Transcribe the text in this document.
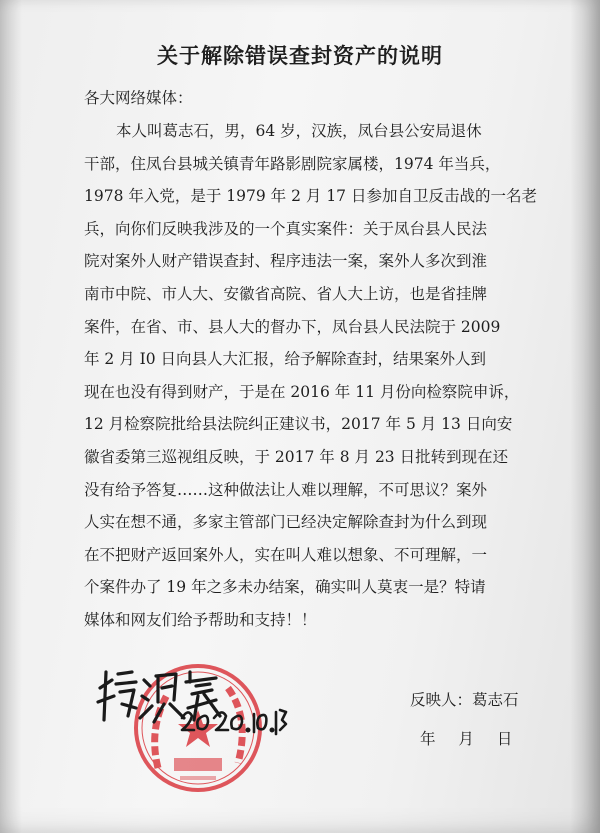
关于解除错误查封资产的说明
各大网络媒体：
本人叫葛志石，男，64 岁，汉族，凤台县公安局退休
干部，住凤台县城关镇青年路影剧院家属楼，1974 年当兵，
1978 年入党，是于 1979 年 2 月 17 日参加自卫反击战的一名老
兵，向你们反映我涉及的一个真实案件：关于凤台县人民法
院对案外人财产错误查封、程序违法一案，案外人多次到淮
南市中院、市人大、安徽省高院、省人大上访，也是省挂牌
案件，在省、市、县人大的督办下，凤台县人民法院于 2009
年 2 月 I0 日向县人大汇报，给予解除查封，结果案外人到
现在也没有得到财产，于是在 2016 年 11 月份向检察院申诉，
12 月检察院批给县法院纠正建议书，2017 年 5 月 13 日向安
徽省委第三巡视组反映，于 2017 年 8 月 23 日批转到现在还
没有给予答复……这种做法让人难以理解，不可思议？案外
人实在想不通，多家主管部门已经决定解除查封为什么到现
在不把财产返回案外人，实在叫人难以想象、不可理解，一
个案件办了 19 年之多未办结案，确实叫人莫衷一是？特请
媒体和网友们给予帮助和支持！！
反映人：葛志石
年 月 日
